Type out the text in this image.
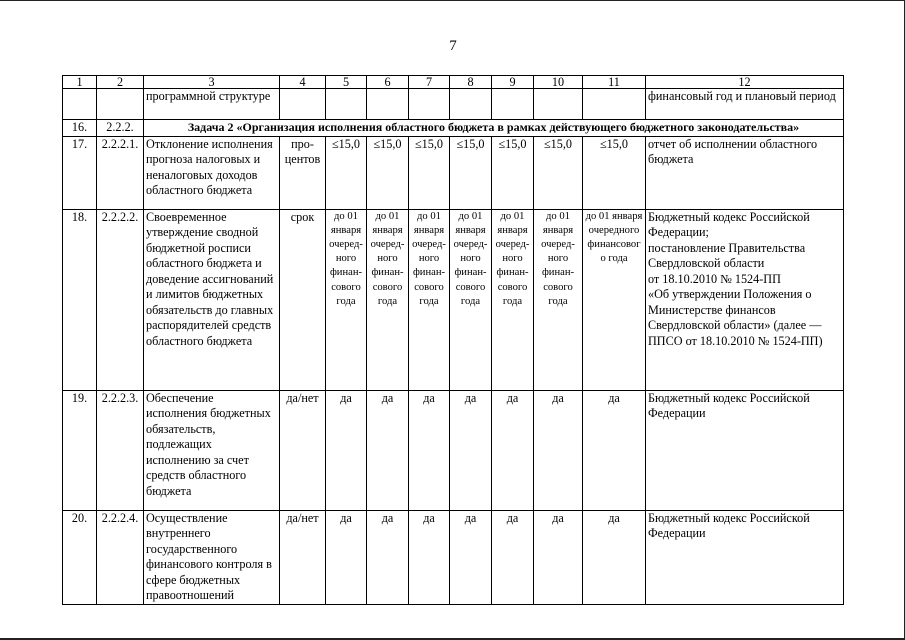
7
1	2	3	4	5	6	7	8	9	10	11	12
		программной структуре									финансовый год и плановый период
16.	2.2.2.	Задача 2 «Организация исполнения областного бюджета в рамках действующего бюджетного законодательства»									
17.	2.2.2.1.	Отклонение исполнения прогноза налоговых и неналоговых доходов областного бюджета	про-центов	≤15,0	≤15,0	≤15,0	≤15,0	≤15,0	≤15,0	≤15,0	отчет об исполнении областного бюджета
18.	2.2.2.2.	Своевременное утверждение сводной бюджетной росписи областного бюджета и доведение ассигнований и лимитов бюджетных обязательств до главных распорядителей средств областного бюджета	срок	до 01 января очеред-ного финан-сового года	до 01 января очеред-ного финан-сового года	до 01 января очеред-ного финан-сового года	до 01 января очеред-ного финан-сового года	до 01 января очеред-ного финан-сового года	до 01 января очеред-ного финан-сового года	до 01 января очередного финансовог о года	Бюджетный кодекс Российской Федерации;
постановление Правительства Свердловской области
от 18.10.2010 № 1524-ПП
«Об утверждении Положения о Министерстве финансов Свердловской области» (далее — ППСО от 18.10.2010 № 1524-ПП)

19.	2.2.2.3.	Обеспечение исполнения бюджетных обязательств, подлежащих исполнению за счет средств областного бюджета	да/нет	да	да	да	да	да	да	да	Бюджетный кодекс Российской Федерации
20.	2.2.2.4.	Осуществление внутреннего государственного финансового контроля в сфере бюджетных правоотношений	да/нет	да	да	да	да	да	да	да	Бюджетный кодекс Российской Федерации
